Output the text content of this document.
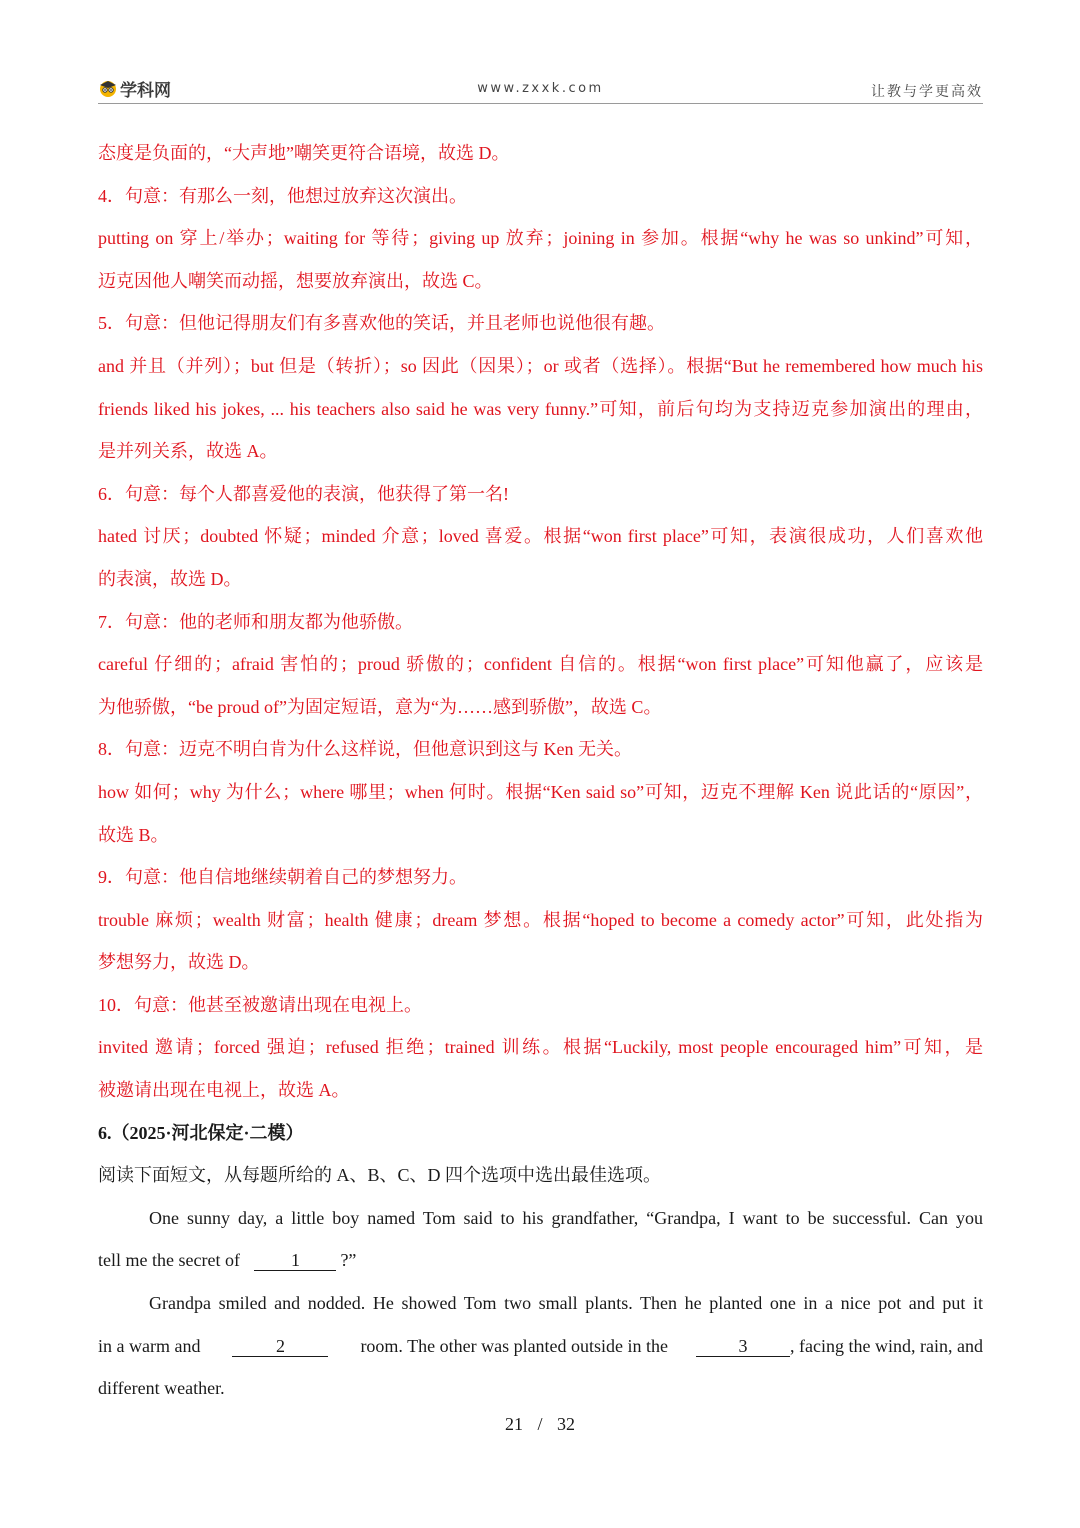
学科网	www.zxxk.com	让教与学更高效
态度是负面的，“大声地”嘲笑更符合语境，故选 D。
4．句意：有那么一刻，他想过放弃这次演出。
putting on 穿上/举办；waiting for 等待；giving up 放弃；joining in 参加。根据“why he was so unkind”可知，
迈克因他人嘲笑而动摇，想要放弃演出，故选 C。
5．句意：但他记得朋友们有多喜欢他的笑话，并且老师也说他很有趣。
and 并且（并列）；but 但是（转折）；so 因此（因果）；or 或者（选择）。根据“But he remembered how much his
friends liked his jokes, ... his teachers also said he was very funny.”可知，前后句均为支持迈克参加演出的理由，
是并列关系，故选 A。
6．句意：每个人都喜爱他的表演，他获得了第一名!
hated 讨厌；doubted 怀疑；minded 介意；loved 喜爱。根据“won first place”可知，表演很成功，人们喜欢他
的表演，故选 D。
7．句意：他的老师和朋友都为他骄傲。
careful 仔细的；afraid 害怕的；proud 骄傲的；confident 自信的。根据“won first place”可知他赢了，应该是
为他骄傲，“be proud of”为固定短语，意为“为……感到骄傲”，故选 C。
8．句意：迈克不明白肯为什么这样说，但他意识到这与 Ken 无关。
how 如何；why 为什么；where 哪里；when 何时。根据“Ken said so”可知，迈克不理解 Ken 说此话的“原因”，
故选 B。
9．句意：他自信地继续朝着自己的梦想努力。
trouble 麻烦；wealth 财富；health 健康；dream 梦想。根据“hoped to become a comedy actor”可知，此处指为
梦想努力，故选 D。
10．句意：他甚至被邀请出现在电视上。
invited 邀请；forced 强迫；refused 拒绝；trained 训练。根据“Luckily, most people encouraged him”可知，是
被邀请出现在电视上，故选 A。
6.（2025·河北保定·二模）
阅读下面短文，从每题所给的 A、B、C、D 四个选项中选出最佳选项。
One sunny day, a little boy named Tom said to his grandfather, “Grandpa, I want to be successful. Can you
tell me the secret of	1 ?”
Grandpa smiled and nodded. He showed Tom two small plants. Then he planted one in a nice pot and put it
in a warm and	2	room. The other was planted outside in the	3 , facing the wind, rain, and
different weather.
21 / 32
